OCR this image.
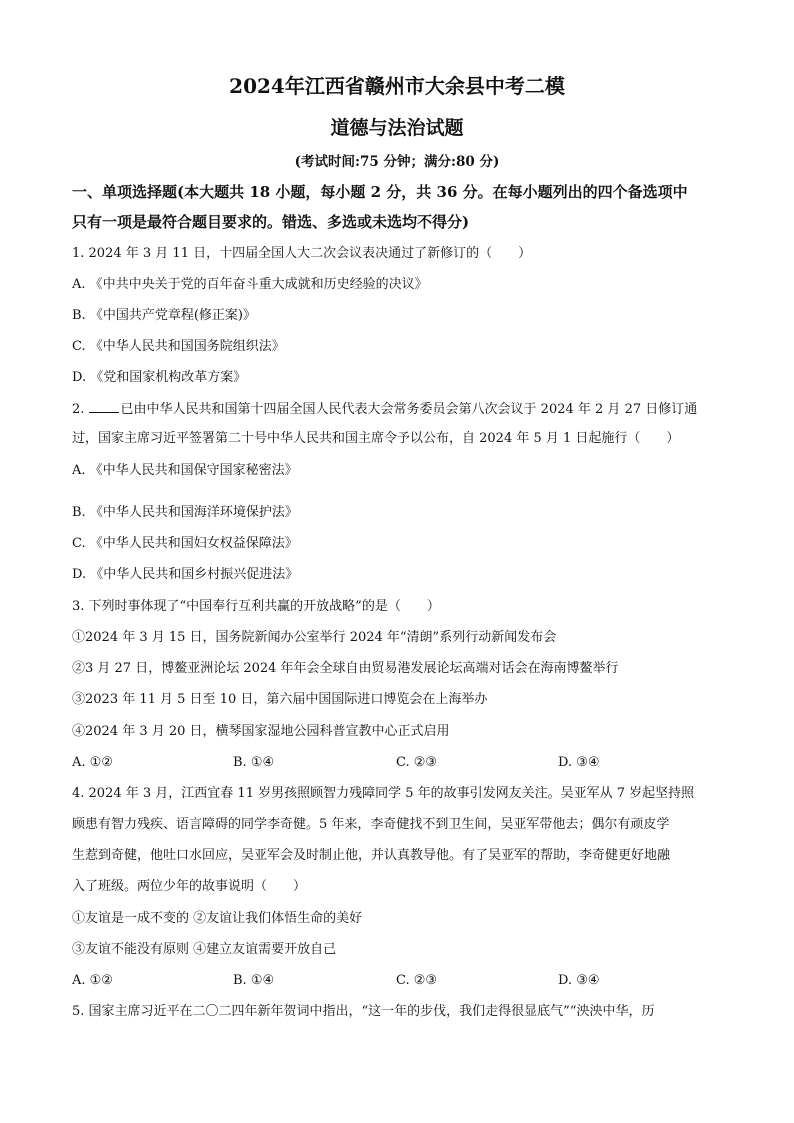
2024年江西省赣州市大余县中考二模
道德与法治试题
(考试时间:75 分钟；满分:80 分)
一、单项选择题(本大题共 18 小题，每小题 2 分，共 36 分。在每小题列出的四个备选项中
只有一项是最符合题目要求的。错选、多选或未选均不得分)
1. 2024 年 3 月 11 日，十四届全国人大二次会议表决通过了新修订的（　　）
A. 《中共中央关于党的百年奋斗重大成就和历史经验的决议》
B. 《中国共产党章程(修正案)》
C. 《中华人民共和国国务院组织法》
D. 《党和国家机构改革方案》
2.	已由中华人民共和国第十四届全国人民代表大会常务委员会第八次会议于 2024 年 2 月 27 日修订通
过，国家主席习近平签署第二十号中华人民共和国主席令予以公布，自 2024 年 5 月 1 日起施行（　　）
A. 《中华人民共和国保守国家秘密法》
B. 《中华人民共和国海洋环境保护法》
C. 《中华人民共和国妇女权益保障法》
D. 《中华人民共和国乡村振兴促进法》
3. 下列时事体现了“中国奉行互利共赢的开放战略”的是（　　）
①2024 年 3 月 15 日，国务院新闻办公室举行 2024 年“清朗”系列行动新闻发布会
②3 月 27 日，博鳌亚洲论坛 2024 年年会全球自由贸易港发展论坛高端对话会在海南博鳌举行
③2023 年 11 月 5 日至 10 日，第六届中国国际进口博览会在上海举办
④2024 年 3 月 20 日，横琴国家湿地公园科普宣教中心正式启用
A. ①②	B. ①④	C. ②③	D. ③④
4. 2024 年 3 月，江西宜春 11 岁男孩照顾智力残障同学 5 年的故事引发网友关注。吴亚军从 7 岁起坚持照
顾患有智力残疾、语言障碍的同学李奇健。5 年来，李奇健找不到卫生间，吴亚军带他去；偶尔有顽皮学
生惹到奇健，他吐口水回应，吴亚军会及时制止他，并认真教导他。有了吴亚军的帮助，李奇健更好地融
入了班级。两位少年的故事说明（　　）
①友谊是一成不变的 ②友谊让我们体悟生命的美好
③友谊不能没有原则 ④建立友谊需要开放自己
A. ①②	B. ①④	C. ②③	D. ③④
5. 国家主席习近平在二〇二四年新年贺词中指出，“这一年的步伐，我们走得很显底气”“泱泱中华，历
